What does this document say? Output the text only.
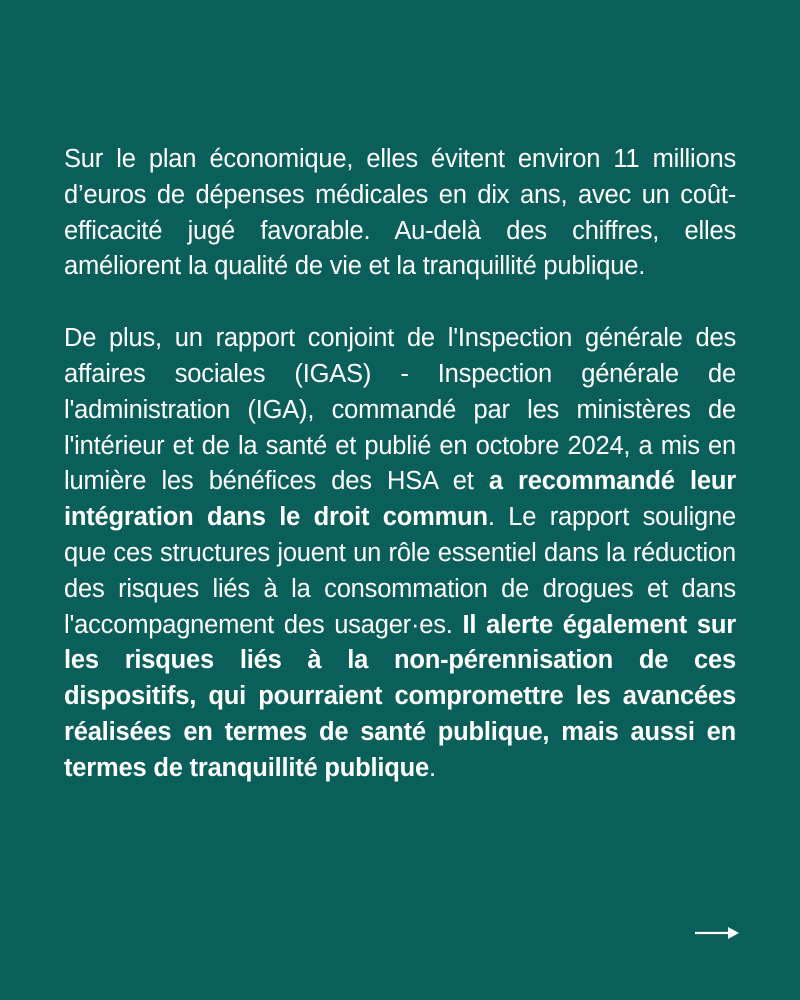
Sur le plan économique, elles évitent environ 11 millions d’euros de dépenses médicales en dix ans, avec un coût-efficacité jugé favorable. Au-delà des chiffres, elles améliorent la qualité de vie et la tranquillité publique.

De plus, un rapport conjoint de l'Inspection générale des affaires sociales (IGAS) - Inspection générale de l'administration (IGA), commandé par les ministères de l'intérieur et de la santé et publié en octobre 2024, a mis en lumière les bénéfices des HSA et a recommandé leur intégration dans le droit commun. Le rapport souligne que ces structures jouent un rôle essentiel dans la réduction des risques liés à la consommation de drogues et dans l'accompagnement des usager·es. Il alerte également sur les risques liés à la non-pérennisation de ces dispositifs, qui pourraient compromettre les avancées réalisées en termes de santé publique, mais aussi en termes de tranquillité publique.
